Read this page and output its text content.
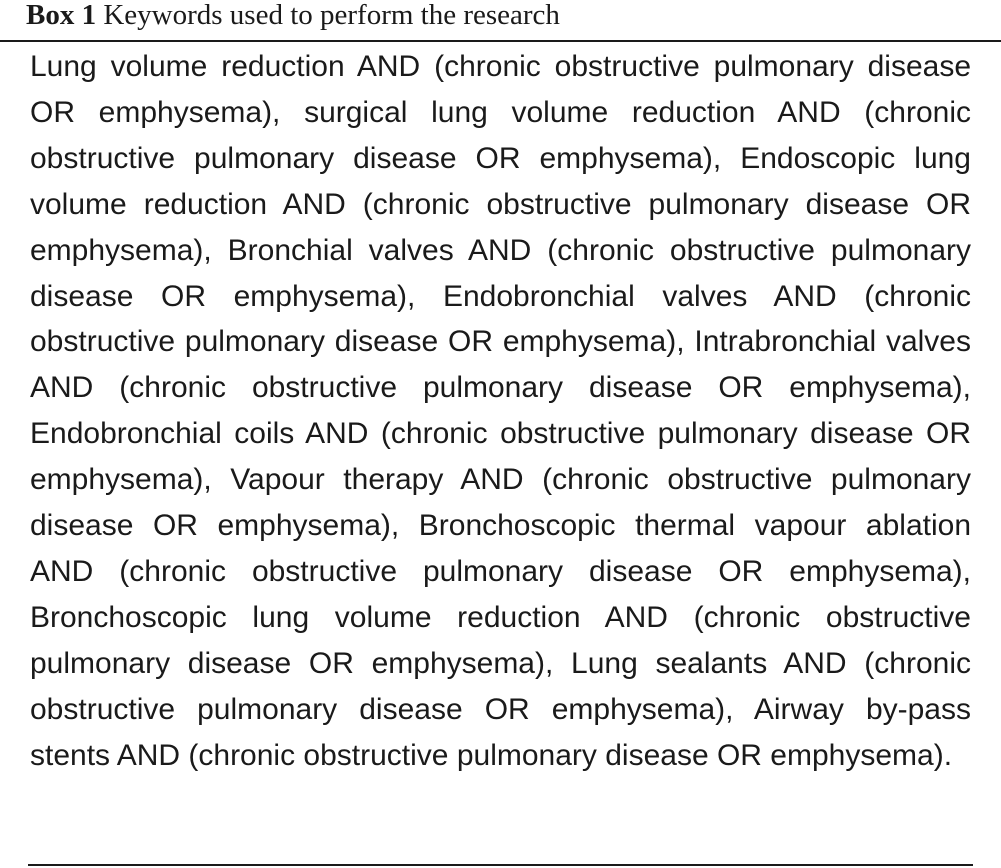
Box 1 Keywords used to perform the research

Lung volume reduction AND (chronic obstructive pulmonary disease OR emphysema), surgical lung volume reduction AND (chronic obstructive pulmonary disease OR emphysema), Endoscopic lung volume reduction AND (chronic obstructive pulmonary disease OR emphysema), Bronchial valves AND (chronic obstructive pulmonary disease OR emphysema), Endobronchial valves AND (chronic obstructive pulmonary disease OR emphysema), Intrabronchial valves AND (chronic obstructive pulmonary disease OR emphysema), Endobronchial coils AND (chronic obstructive pulmonary disease OR emphysema), Vapour therapy AND (chronic obstructive pulmonary disease OR emphysema), Bronchoscopic thermal vapour ablation AND (chronic obstructive pulmonary disease OR emphysema), Bronchoscopic lung volume reduction AND (chronic obstructive pulmonary disease OR emphysema), Lung sealants AND (chronic obstructive pulmonary disease OR emphysema), Airway by-pass stents AND (chronic obstructive pulmonary disease OR emphysema).
